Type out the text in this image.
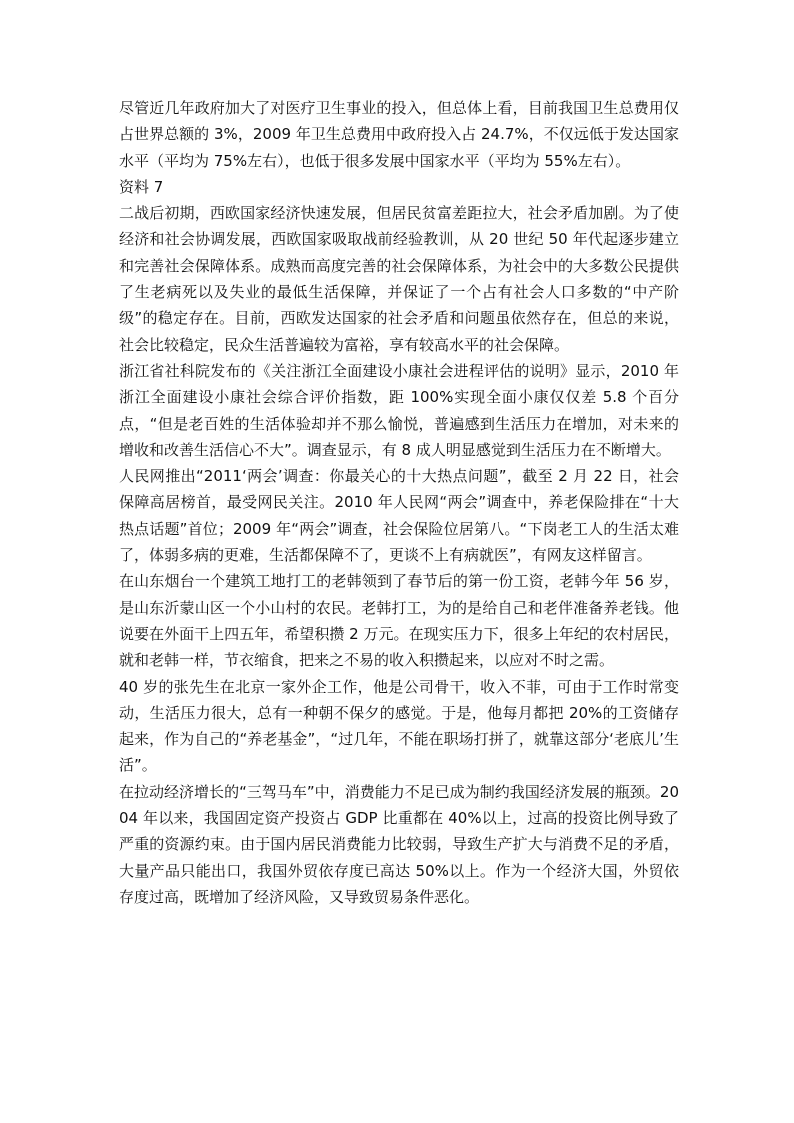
尽管近几年政府加大了对医疗卫生事业的投入，但总体上看，目前我国卫生总费用仅占世界总额的 3%，2009 年卫生总费用中政府投入占 24.7%，不仅远低于发达国家水平（平均为 75%左右），也低于很多发展中国家水平（平均为 55%左右）。

资料 7

二战后初期，西欧国家经济快速发展，但居民贫富差距拉大，社会矛盾加剧。为了使经济和社会协调发展，西欧国家吸取战前经验教训，从 20 世纪 50 年代起逐步建立和完善社会保障体系。成熟而高度完善的社会保障体系，为社会中的大多数公民提供了生老病死以及失业的最低生活保障，并保证了一个占有社会人口多数的“中产阶级”的稳定存在。目前，西欧发达国家的社会矛盾和问题虽依然存在，但总的来说，社会比较稳定，民众生活普遍较为富裕，享有较高水平的社会保障。

浙江省社科院发布的《关注浙江全面建设小康社会进程评估的说明》显示，2010 年浙江全面建设小康社会综合评价指数，距 100%实现全面小康仅仅差 5.8 个百分点，“但是老百姓的生活体验却并不那么愉悦，普遍感到生活压力在增加，对未来的增收和改善生活信心不大”。调查显示，有 8 成人明显感觉到生活压力在不断增大。

人民网推出“2011‘两会’调查：你最关心的十大热点问题”，截至 2 月 22 日，社会保障高居榜首，最受网民关注。2010 年人民网“两会”调查中，养老保险排在“十大热点话题”首位；2009 年“两会”调查，社会保险位居第八。“下岗老工人的生活太难了，体弱多病的更难，生活都保障不了，更谈不上有病就医”，有网友这样留言。

在山东烟台一个建筑工地打工的老韩领到了春节后的第一份工资，老韩今年 56 岁，是山东沂蒙山区一个小山村的农民。老韩打工，为的是给自己和老伴准备养老钱。他说要在外面干上四五年，希望积攒 2 万元。在现实压力下，很多上年纪的农村居民，就和老韩一样，节衣缩食，把来之不易的收入积攒起来，以应对不时之需。

40 岁的张先生在北京一家外企工作，他是公司骨干，收入不菲，可由于工作时常变动，生活压力很大，总有一种朝不保夕的感觉。于是，他每月都把 20%的工资储存起来，作为自己的“养老基金”，“过几年，不能在职场打拼了，就靠这部分‘老底儿’生活”。

在拉动经济增长的“三驾马车”中，消费能力不足已成为制约我国经济发展的瓶颈。2004 年以来，我国固定资产投资占 GDP 比重都在 40%以上，过高的投资比例导致了严重的资源约束。由于国内居民消费能力比较弱，导致生产扩大与消费不足的矛盾，大量产品只能出口，我国外贸依存度已高达 50%以上。作为一个经济大国，外贸依存度过高，既增加了经济风险，又导致贸易条件恶化。
